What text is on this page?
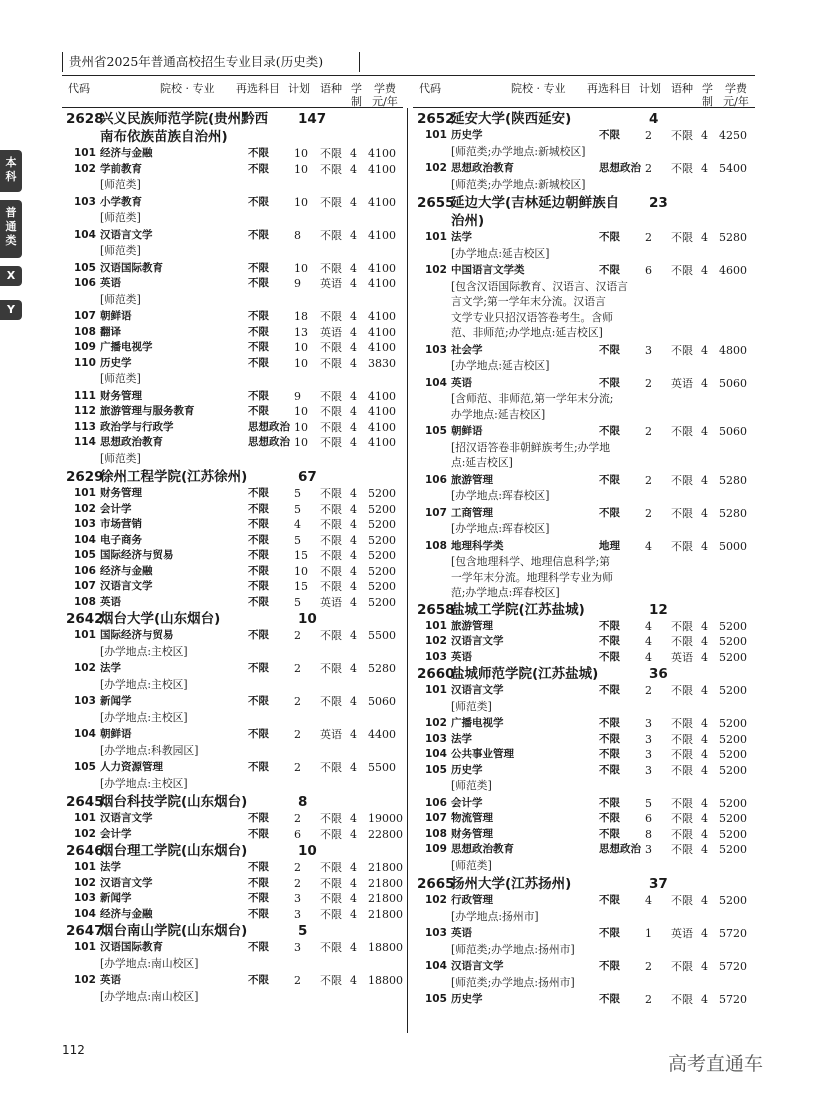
贵州省2025年普通高校招生专业目录(历史类)
代码	院校 · 专业 再选科目 计划 语种 学制
学费元/年
代码	院校 · 专业 再选科目 计划 语种 学制
学费元/年
2628
兴义民族师范学院(贵州黔西 147
南布依族苗族自治州)
101 经济与金融	不限 10 不限 4 4100
102 学前教育	不限 10 不限 4 4100
[师范类]
103 小学教育	不限 10 不限 4 4100
[师范类]
104 汉语言文学	不限 8 不限 4 4100
[师范类]
105 汉语国际教育	不限 10 不限 4 4100
106 英语	不限 9 英语 4 4100
[师范类]
107 朝鲜语	不限 18 不限 4 4100
108 翻译	不限 13 英语 4 4100
109 广播电视学	不限 10 不限 4 4100
110 历史学	不限 10 不限 4 3830
[师范类]
111 财务管理	不限 9 不限 4 4100
112 旅游管理与服务教育	不限 10 不限 4 4100
113 政治学与行政学	思想政治 10 不限 4 4100
114 思想政治教育	思想政治 10 不限 4 4100
[师范类]
2629
徐州工程学院(江苏徐州)	67
101 财务管理	不限 5 不限 4 5200
102 会计学	不限 5 不限 4 5200
103 市场营销	不限 4 不限 4 5200
104 电子商务	不限 5 不限 4 5200
105 国际经济与贸易	不限 15 不限 4 5200
106 经济与金融	不限 10 不限 4 5200
107 汉语言文学	不限 15 不限 4 5200
108 英语	不限 5 英语 4 5200
2642
烟台大学(山东烟台)	10
101 国际经济与贸易	不限 2 不限 4 5500
[办学地点:主校区]
102 法学	不限 2 不限 4 5280
[办学地点:主校区]
103 新闻学	不限 2 不限 4 5060
[办学地点:主校区]
104 朝鲜语	不限 2 英语 4 4400
[办学地点:科教园区]
105 人力资源管理	不限 2 不限 4 5500
[办学地点:主校区]
2645
烟台科技学院(山东烟台)	8
101 汉语言文学	不限 2 不限 4 19000
102 会计学	不限 6 不限 4 22800
2646
烟台理工学院(山东烟台)	10
101 法学	不限 2 不限 4 21800
102 汉语言文学	不限 2 不限 4 21800
103 新闻学	不限 3 不限 4 21800
104 经济与金融	不限 3 不限 4 21800
2647
烟台南山学院(山东烟台)	5
101 汉语国际教育	不限 3 不限 4 18800
[办学地点:南山校区]
102 英语	不限 2 不限 4 18800
[办学地点:南山校区]
2652
延安大学(陕西延安)	4
101 历史学	不限 2 不限 4 4250
[师范类;办学地点:新城校区]
102 思想政治教育	思想政治 2 不限 4 5400
[师范类;办学地点:新城校区]
2655
延边大学(吉林延边朝鲜族自 23
治州)
101 法学	不限 2 不限 4 5280
[办学地点:延吉校区]
102 中国语言文学类	不限 6 不限 4 4600
[包含汉语国际教育、汉语言、汉语言
言文学;第一学年末分流。汉语言
文学专业只招汉语答卷考生。含师
范、非师范;办学地点:延吉校区]
103 社会学	不限 3 不限 4 4800
[办学地点:延吉校区]
104 英语	不限 2 英语 4 5060
[含师范、非师范,第一学年末分流;
办学地点:延吉校区]
105 朝鲜语	不限 2 不限 4 5060
[招汉语答卷非朝鲜族考生;办学地
点:延吉校区]
106 旅游管理	不限 2 不限 4 5280
[办学地点:珲春校区]
107 工商管理	不限 2 不限 4 5280
[办学地点:珲春校区]
108 地理科学类	地理 4 不限 4 5000
[包含地理科学、地理信息科学;第
一学年末分流。地理科学专业为师
范;办学地点:珲春校区]
2658
盐城工学院(江苏盐城)	12
101 旅游管理	不限 4 不限 4 5200
102 汉语言文学	不限 4 不限 4 5200
103 英语	不限 4 英语 4 5200
2660
盐城师范学院(江苏盐城)	36
101 汉语言文学	不限 2 不限 4 5200
[师范类]
102 广播电视学	不限 3 不限 4 5200
103 法学	不限 3 不限 4 5200
104 公共事业管理	不限 3 不限 4 5200
105 历史学	不限 3 不限 4 5200
[师范类]
106 会计学	不限 5 不限 4 5200
107 物流管理	不限 6 不限 4 5200
108 财务管理	不限 8 不限 4 5200
109 思想政治教育	思想政治 3 不限 4 5200
[师范类]
2665
扬州大学(江苏扬州)	37
102 行政管理	不限 4 不限 4 5200
[办学地点:扬州市]
103 英语	不限 1 英语 4 5720
[师范类;办学地点:扬州市]
104 汉语言文学	不限 2 不限 4 5720
[师范类;办学地点:扬州市]
105 历史学	不限 2 不限 4 5720
本科
普通类
X
Y
112
高考直通车
